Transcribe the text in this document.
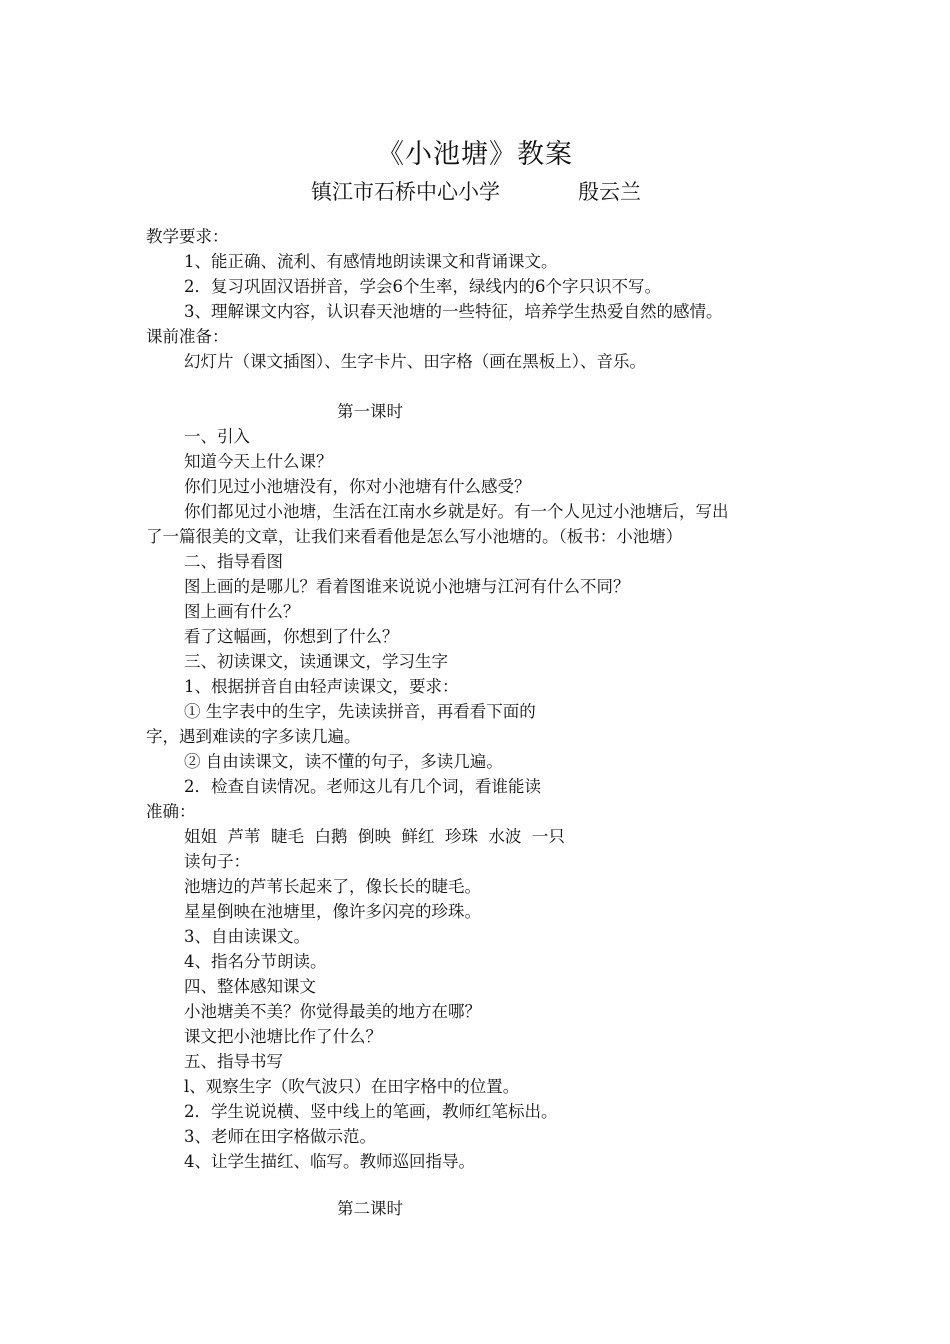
《小池塘》教案
镇江市石桥中心小学	殷云兰
教学要求：
1、能正确、流利、有感情地朗读课文和背诵课文。
2．复习巩固汉语拼音，学会6个生率，绿线内的6个字只识不写。
3、理解课文内容，认识春天池塘的一些特征，培养学生热爱自然的感情。
课前准备：
幻灯片（课文插图）、生字卡片、田字格（画在黑板上）、音乐。
第一课时
一、引入
知道今天上什么课？
你们见过小池塘没有，你对小池塘有什么感受？
你们都见过小池塘，生活在江南水乡就是好。有一个人见过小池塘后，写出
了一篇很美的文章，让我们来看看他是怎么写小池塘的。（板书：小池塘）
二、指导看图
图上画的是哪儿？看着图谁来说说小池塘与江河有什么不同？
图上画有什么？
看了这幅画，你想到了什么？
三、初读课文，读通课文，学习生字
1、根据拼音自由轻声读课文，要求：
① 生字表中的生字，先读读拼音，再看看下面的
字，遇到难读的字多读几遍。
② 自由读课文，读不懂的句子，多读几遍。
2．检查自读情况。老师这儿有几个词，看谁能读
准确：
姐姐  芦苇  睫毛  白鹅  倒映  鲜红  珍珠  水波  一只
读句子：
池塘边的芦苇长起来了，像长长的睫毛。
星星倒映在池塘里，像许多闪亮的珍珠。
3、自由读课文。
4、指名分节朗读。
四、整体感知课文
小池塘美不美？你觉得最美的地方在哪？
课文把小池塘比作了什么？
五、指导书写
l、观察生字（吹气波只）在田字格中的位置。
2．学生说说横、竖中线上的笔画，教师红笔标出。
3、老师在田字格做示范。
4、让学生描红、临写。教师巡回指导。
第二课时
